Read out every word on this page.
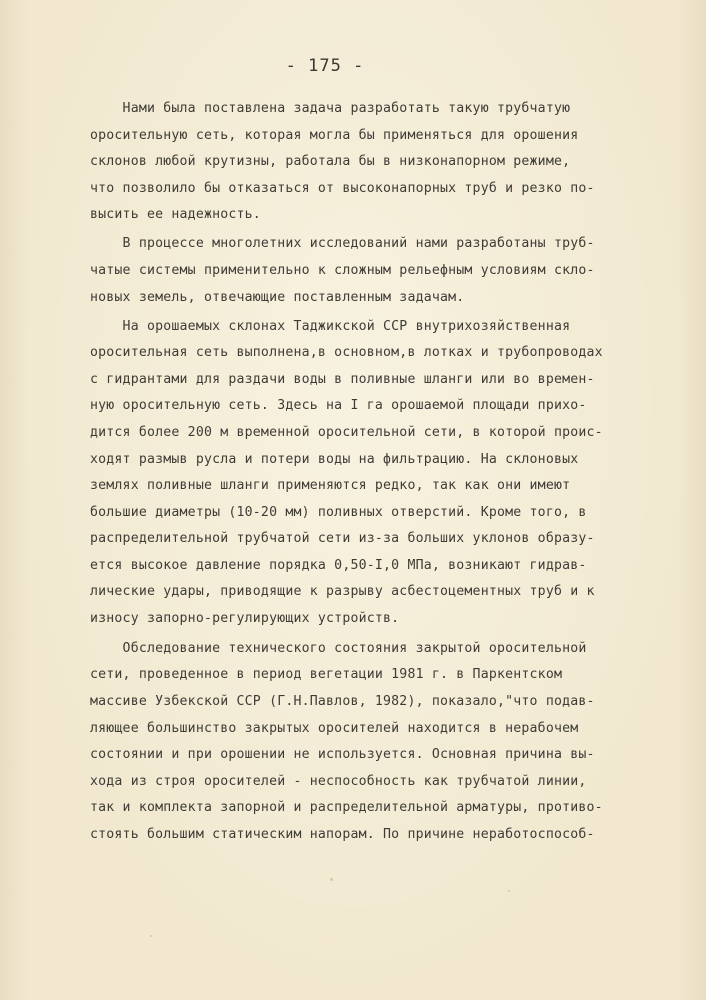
- 175 -
Нами была поставлена задача разработать такую трубчатую
оросительную сеть, которая могла бы применяться для орошения
склонов любой крутизны, работала бы в низконапорном режиме,
что позволило бы отказаться от высоконапорных труб и резко по-
высить ее надежность.
В процессе многолетних исследований нами разработаны труб-
чатые системы применительно к сложным рельефным условиям скло-
новых земель, отвечающие поставленным задачам.
На орошаемых склонах Таджикской ССР внутрихозяйственная
оросительная сеть выполнена,в основном,в лотках и трубопроводах
с гидрантами для раздачи воды в поливные шланги или во времен-
ную оросительную сеть. Здесь на I га орошаемой площади прихо-
дится более 200 м временной оросительной сети, в которой проис-
ходят размыв русла и потери воды на фильтрацию. На склоновых
землях поливные шланги применяются редко, так как они имеют
большие диаметры (10-20 мм) поливных отверстий. Кроме того, в
распределительной трубчатой сети из-за больших уклонов образу-
ется высокое давление порядка 0,50-I,0 МПа, возникают гидрав-
лические удары, приводящие к разрыву асбестоцементных труб и к
износу запорно-регулирующих устройств.
Обследование технического состояния закрытой оросительной
сети, проведенное в период вегетации 1981 г. в Паркентском
массиве Узбекской ССР (Г.Н.Павлов, 1982), показало,"что подав-
ляющее большинство закрытых оросителей находится в нерабочем
состоянии и при орошении не используется. Основная причина вы-
хода из строя оросителей - неспособность как трубчатой линии,
так и комплекта запорной и распределительной арматуры, противо-
стоять большим статическим напорам. По причине неработоспособ-
